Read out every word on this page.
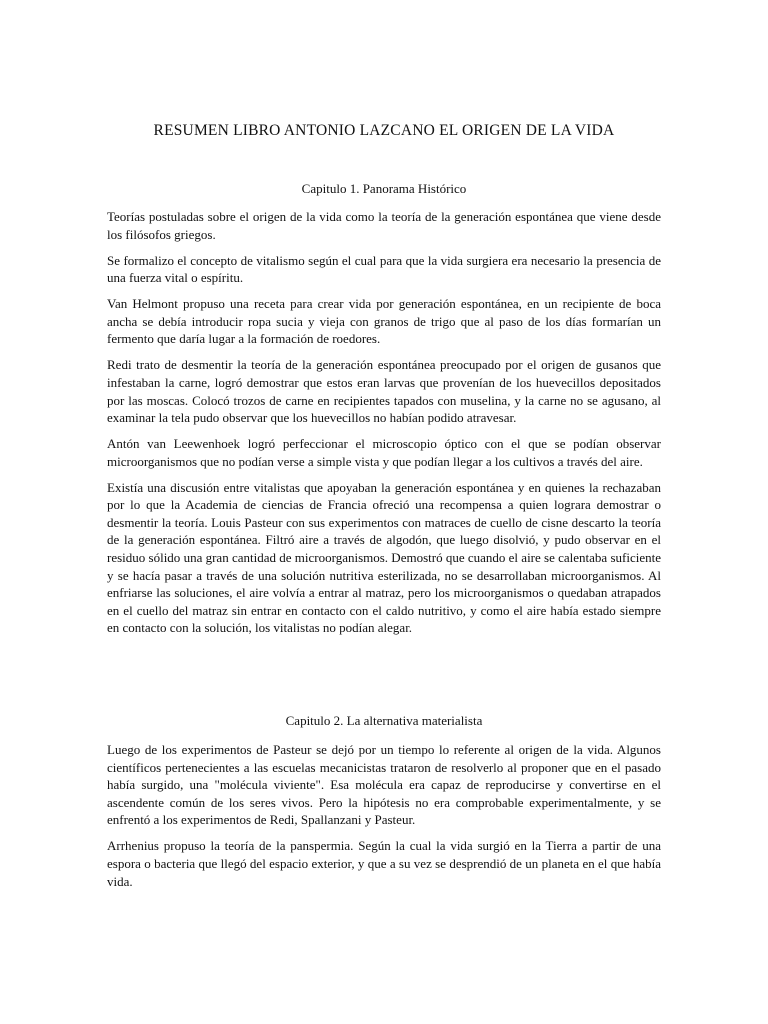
RESUMEN LIBRO ANTONIO LAZCANO EL ORIGEN DE LA VIDA
Capitulo 1. Panorama Histórico

Teorías postuladas sobre el origen de la vida como la teoría de la generación espontánea que viene desde los filósofos griegos.

Se formalizo el concepto de vitalismo según el cual para que la vida surgiera era necesario la presencia de una fuerza vital o espíritu.

Van Helmont propuso una receta para crear vida por generación espontánea, en un recipiente de boca ancha se debía introducir ropa sucia y vieja con granos de trigo que al paso de los días formarían un fermento que daría lugar a la formación de roedores.

Redi trato de desmentir la teoría de la generación espontánea preocupado por el origen de gusanos que infestaban la carne, logró demostrar que estos eran larvas que provenían de los huevecillos depositados por las moscas. Colocó trozos de carne en recipientes tapados con muselina, y la carne no se agusano, al examinar la tela pudo observar que los huevecillos no habían podido atravesar.

Antón van Leewenhoek logró perfeccionar el microscopio óptico con el que se podían observar microorganismos que no podían verse a simple vista y que podían llegar a los cultivos a través del aire.

Existía una discusión entre vitalistas que apoyaban la generación espontánea y en quienes la rechazaban por lo que la Academia de ciencias de Francia ofreció una recompensa a quien lograra demostrar o desmentir la teoría. Louis Pasteur con sus experimentos con matraces de cuello de cisne descarto la teoría de la generación espontánea. Filtró aire a través de algodón, que luego disolvió, y pudo observar en el residuo sólido una gran cantidad de microorganismos. Demostró que cuando el aire se calentaba suficiente y se hacía pasar a través de una solución nutritiva esterilizada, no se desarrollaban microorganismos. Al enfriarse las soluciones, el aire volvía a entrar al matraz, pero los microorganismos o quedaban atrapados en el cuello del matraz sin entrar en contacto con el caldo nutritivo, y como el aire había estado siempre en contacto con la solución, los vitalistas no podían alegar.

Capitulo 2. La alternativa materialista

Luego de los experimentos de Pasteur se dejó por un tiempo lo referente al origen de la vida. Algunos científicos pertenecientes a las escuelas mecanicistas trataron de resolverlo al proponer que en el pasado había surgido, una "molécula viviente". Esa molécula era capaz de reproducirse y convertirse en el ascendente común de los seres vivos. Pero la hipótesis no era comprobable experimentalmente, y se enfrentó a los experimentos de Redi, Spallanzani y Pasteur.

Arrhenius propuso la teoría de la panspermia. Según la cual la vida surgió en la Tierra a partir de una espora o bacteria que llegó del espacio exterior, y que a su vez se desprendió de un planeta en el que había vida.
